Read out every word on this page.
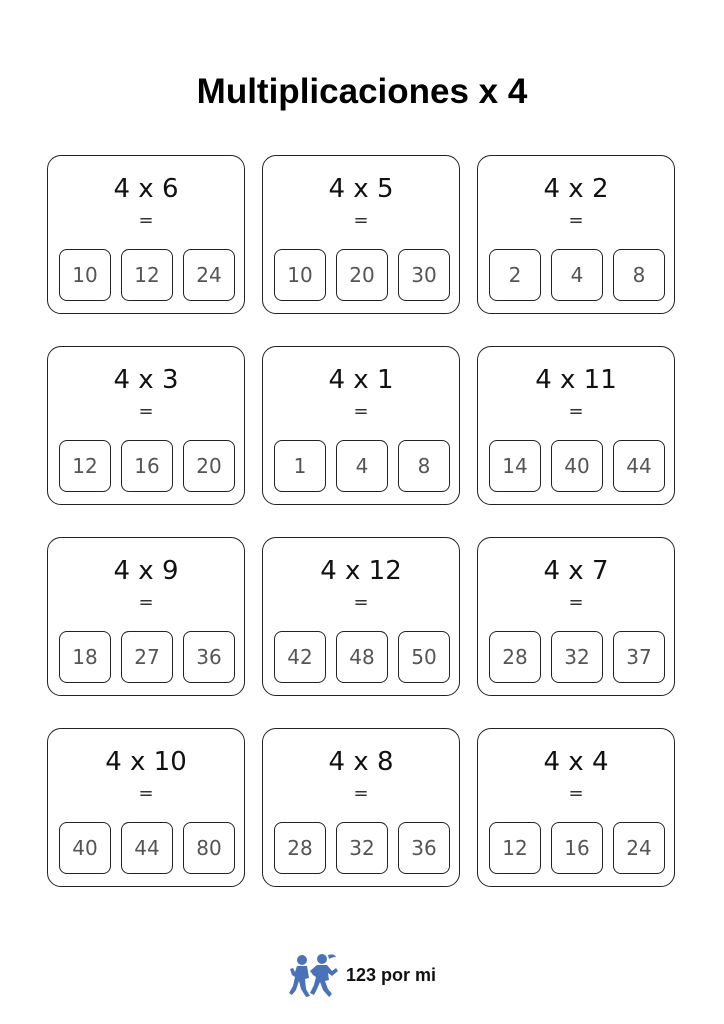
Multiplicaciones x 4
4 x 6
=
10	12	24
4 x 5
=
10	20	30
4 x 2
=
2	4	8
4 x 3
=
12	16	20
4 x 1
=
1	4	8
4 x 11
=
14	40	44
4 x 9
=
18	27	36
4 x 12
=
42	48	50
4 x 7
=
28	32	37
4 x 10
=
40	44	80
4 x 8
=
28	32	36
4 x 4
=
12	16	24
123 por mi
